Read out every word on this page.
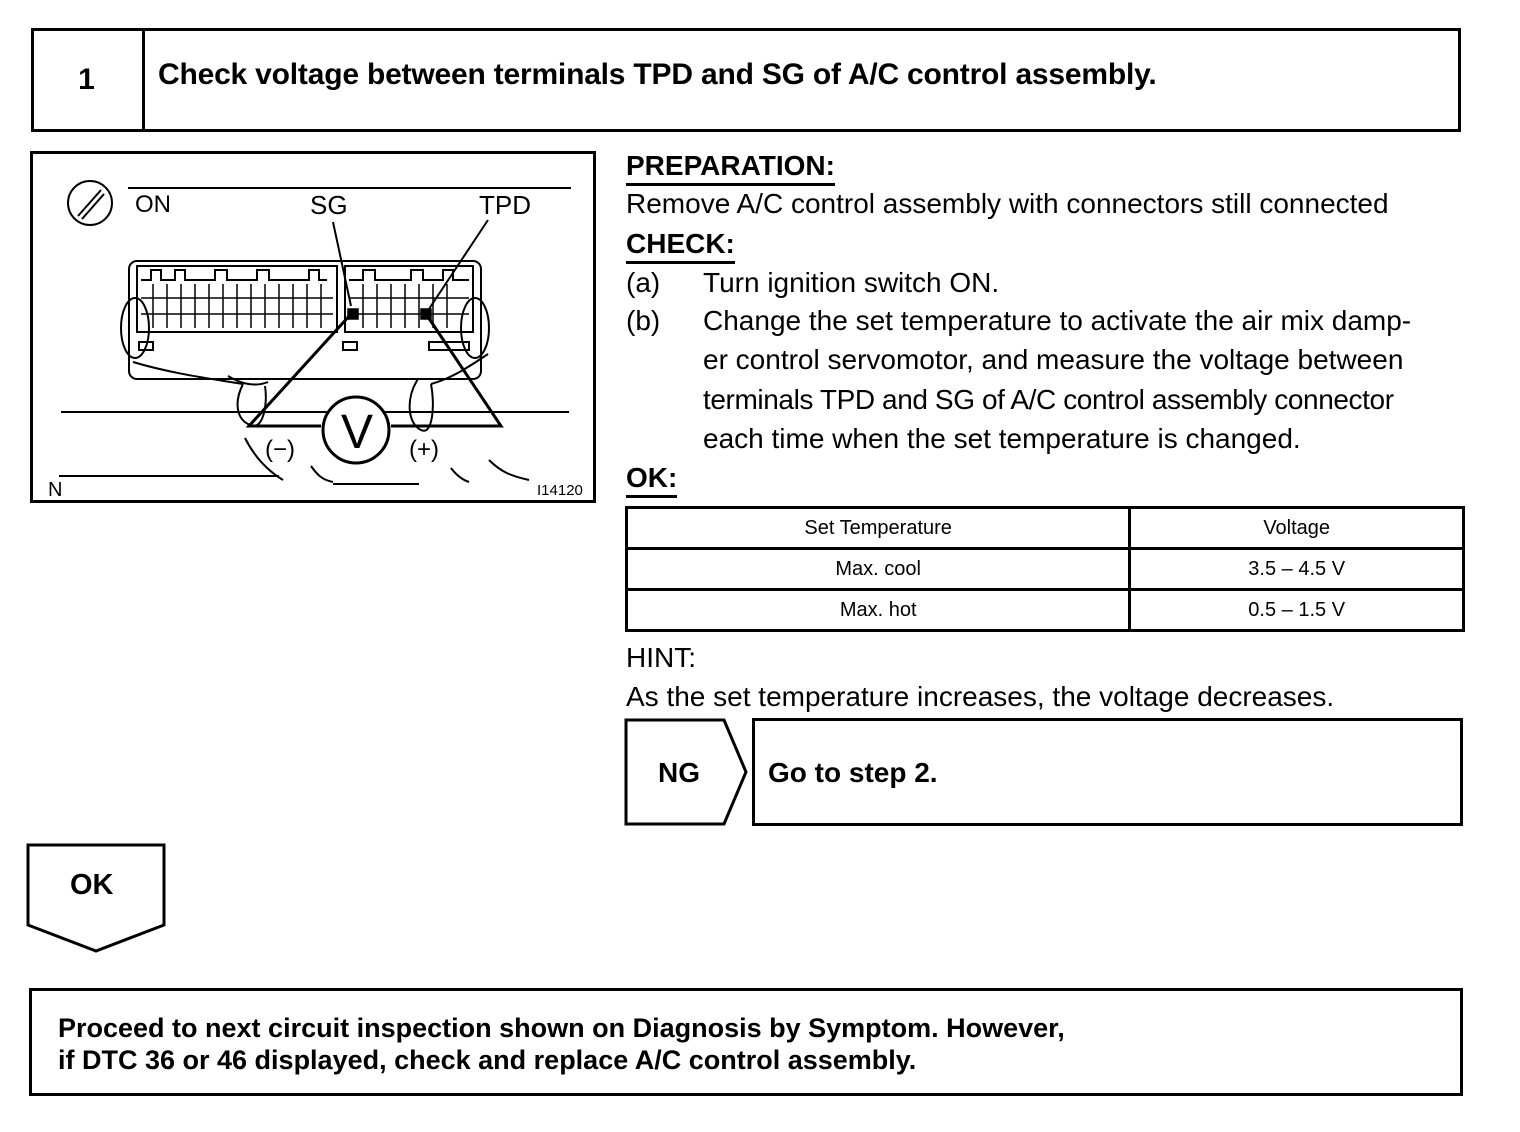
1	Check voltage between terminals TPD and SG of A/C control assembly.
ON	SG	TPD
V
(−)	(+)
N	I14120
PREPARATION:
Remove A/C control assembly with connectors still connected
CHECK:
(a) Turn ignition switch ON.
(b) Change the set temperature to activate the air mix damp-
er control servomotor, and measure the voltage between
terminals TPD and SG of A/C control assembly connector
each time when the set temperature is changed.
OK:
Set Temperature	Voltage
Max. cool	3.5 – 4.5 V
Max. hot	0.5 – 1.5 V
HINT:
As the set temperature increases, the voltage decreases.
NG Go to step 2.
OK
Proceed to next circuit inspection shown on Diagnosis by Symptom. However,
if DTC 36 or 46 displayed, check and replace A/C control assembly.
